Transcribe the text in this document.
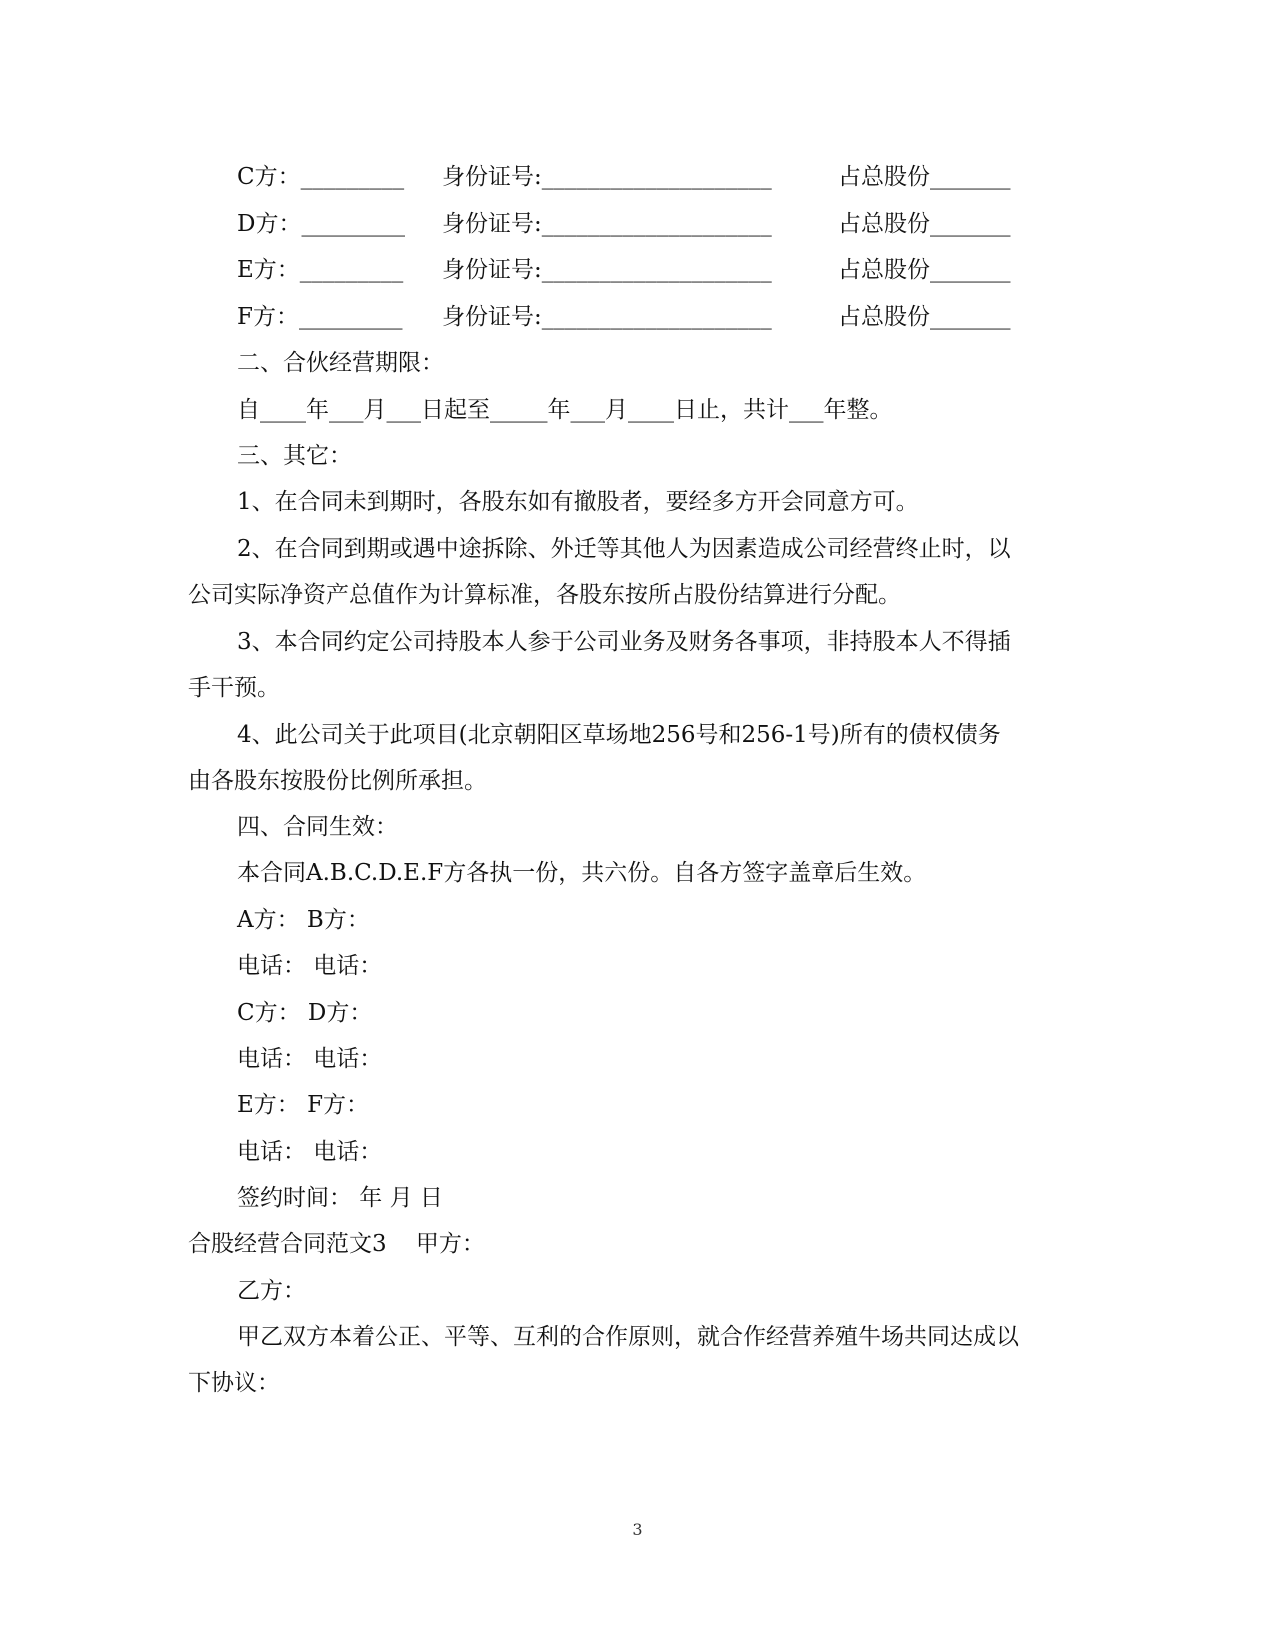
C方：_________ 身份证号:____________________	占总股份_______
D方：_________ 身份证号:____________________	占总股份_______
E方：_________ 身份证号:____________________	占总股份_______
F方：_________ 身份证号:____________________	占总股份_______
二、合伙经营期限：
自____年___月___日起至_____年___月____日止，共计___年整。
三、其它：
1、在合同未到期时，各股东如有撤股者，要经多方开会同意方可。
2、在合同到期或遇中途拆除、外迁等其他人为因素造成公司经营终止时，以
公司实际净资产总值作为计算标准，各股东按所占股份结算进行分配。
3、本合同约定公司持股本人参于公司业务及财务各事项，非持股本人不得插
手干预。
4、此公司关于此项目(北京朝阳区草场地256号和256-1号)所有的债权债务
由各股东按股份比例所承担。
四、合同生效：
本合同A.B.C.D.E.F方各执一份，共六份。自各方签字盖章后生效。
A方： B方：
电话： 电话：
C方： D方：
电话： 电话：
E方： F方：
电话： 电话：
签约时间： 年 月 日
合股经营合同范文3    甲方：
乙方：
甲乙双方本着公正、平等、互利的合作原则，就合作经营养殖牛场共同达成以
下协议：
3
